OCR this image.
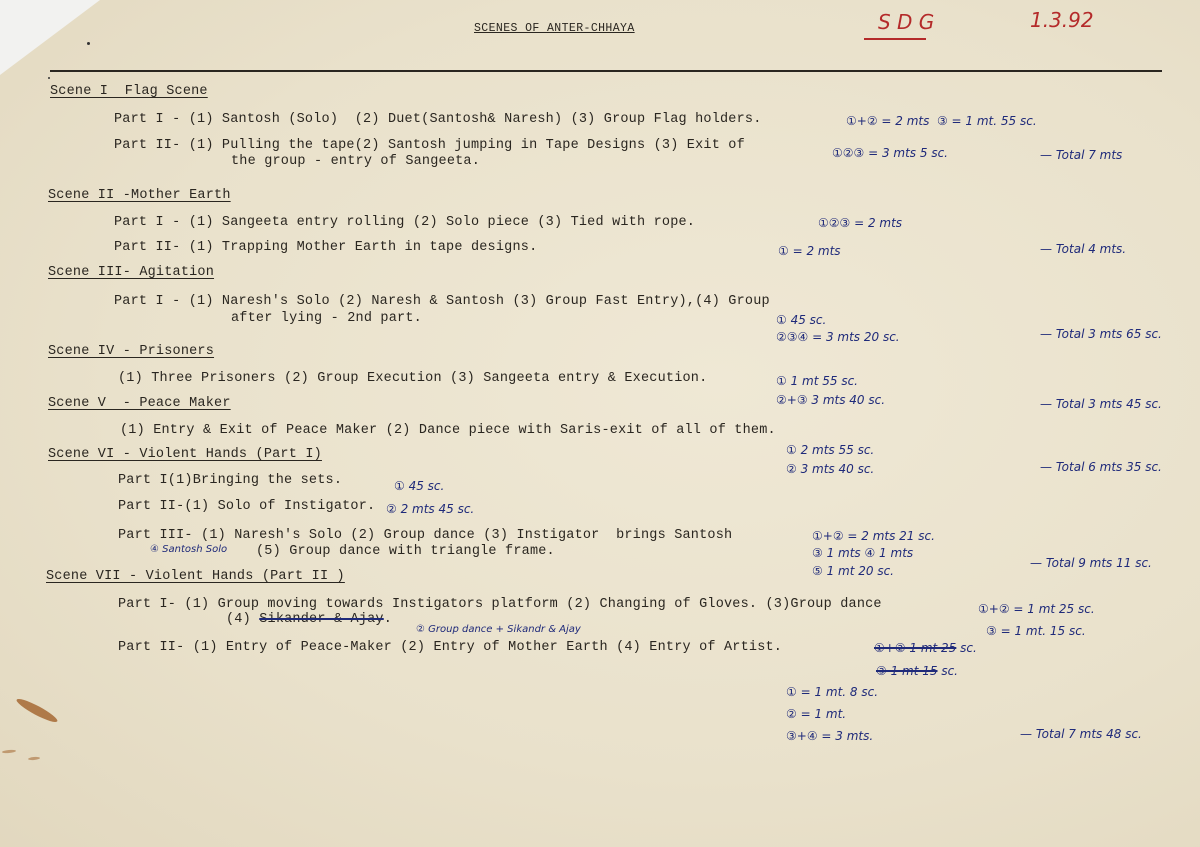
SCENES OF ANTER-CHHAYA	S D G	1.3.92
Scene I  Flag Scene
Part I - (1) Santosh (Solo)  (2) Duet(Santosh& Naresh) (3) Group Flag holders.	①+② = 2 mts  ③ = 1 mt. 55 sc.
Part II- (1) Pulling the tape(2) Santosh jumping in Tape Designs (3) Exit of
the group - entry of Sangeeta.
①②③ = 3 mts 5 sc.	— Total 7 mts
Scene II -Mother Earth
Part I - (1) Sangeeta entry rolling (2) Solo piece (3) Tied with rope.	①②③ = 2 mts
Part II- (1) Trapping Mother Earth in tape designs.	① = 2 mts	— Total 4 mts.
Scene III- Agitation
Part I - (1) Naresh's Solo (2) Naresh & Santosh (3) Group Fast Entry),(4) Group
after lying - 2nd part.	① 45 sc.
②③④ = 3 mts 20 sc.	— Total 3 mts 65 sc.
Scene IV - Prisoners
(1) Three Prisoners (2) Group Execution (3) Sangeeta entry & Execution.	① 1 mt 55 sc.
②+③ 3 mts 40 sc.	— Total 3 mts 45 sc.
Scene V  - Peace Maker
(1) Entry & Exit of Peace Maker (2) Dance piece with Saris-exit of all of them.
① 2 mts 55 sc.
② 3 mts 40 sc.	— Total 6 mts 35 sc.
Scene VI - Violent Hands (Part I)
Part I(1)Bringing the sets.	① 45 sc.
Part II-(1) Solo of Instigator. ② 2 mts 45 sc.
Part III- (1) Naresh's Solo (2) Group dance (3) Instigator  brings Santosh
④ Santosh Solo (5) Group dance with triangle frame.
①+② = 2 mts 21 sc.
③ 1 mts ④ 1 mts
⑤ 1 mt 20 sc.
— Total 9 mts 11 sc.
Scene VII - Violent Hands (Part II )
Part I- (1) Group moving towards Instigators platform (2) Changing of Gloves. (3)Group dance
(4) Sikander & Ajay.
①+② = 1 mt 25 sc.
③ = 1 mt. 15 sc.
② Group dance + Sikandr & Ajay
Part II- (1) Entry of Peace-Maker (2) Entry of Mother Earth (4) Entry of Artist.	①+② 1 mt 25 sc.
③ 1 mt 15 sc.
① = 1 mt. 8 sc.
② = 1 mt.
③+④ = 3 mts.	— Total 7 mts 48 sc.
